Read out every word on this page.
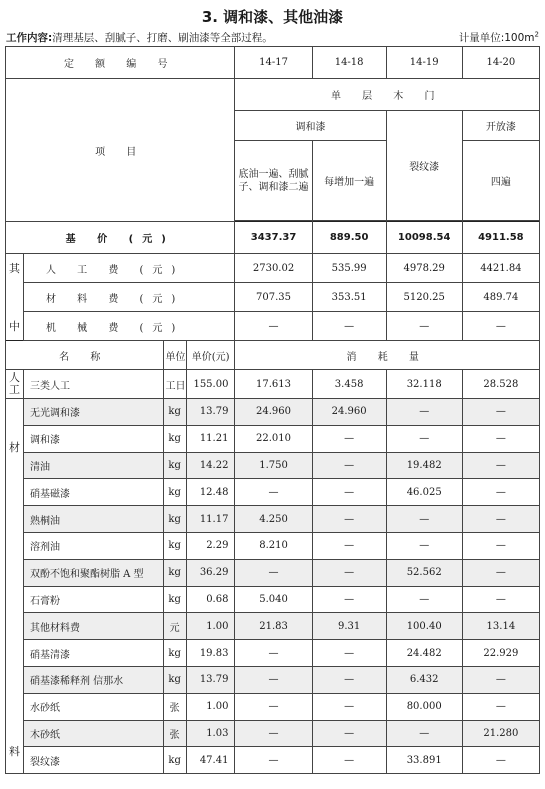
3. 调和漆、其他油漆
工作内容:清理基层、刮腻子、打磨、刷油漆等全部过程。	计量单位$:100m^2$
定 额 编 号				14-17	14-18	14-19	14-20
项 目				单 层 木 门			
				调和漆		裂纹漆	开放漆
				底油一遍、刮腻子、调和漆二遍	每增加一遍		四遍

基 价 (元)				3437.37	889.50	10098.54	4911.58
其	人 工 费 (元)			2730.02	535.99	4978.29	4421.84
	材 料 费 (元)			707.35	353.51	5120.25	489.74
中	机 械 费 (元)			—	—	—	—
名 称		单位	单价(元)	消 耗 量			

人
工	三类人工	工日	155.00	17.613	3.458	32.118	28.528

材
料	无光调和漆	kg	13.79	24.960	24.960	—	—
	调和漆	kg	11.21	22.010	—	—	—
	清油	kg	14.22	1.750	—	19.482	—
	硝基磁漆	kg	12.48	—	—	46.025	—
	熟桐油	kg	11.17	4.250	—	—	—
	溶剂油	kg	2.29	8.210	—	—	—
	双酚不饱和聚酯树脂 A 型	kg	36.29	—	—	52.562	—
	石膏粉	kg	0.68	5.040	—	—	—
	其他材料费	元	1.00	21.83	9.31	100.40	13.14
	硝基清漆	kg	19.83	—	—	24.482	22.929
	硝基漆稀释剂 信那水	kg	13.79	—	—	6.432	—
	水砂纸	张	1.00	—	—	80.000	—
	木砂纸	张	1.03	—	—	—	21.280
	裂纹漆	kg	47.41	—	—	33.891	—
